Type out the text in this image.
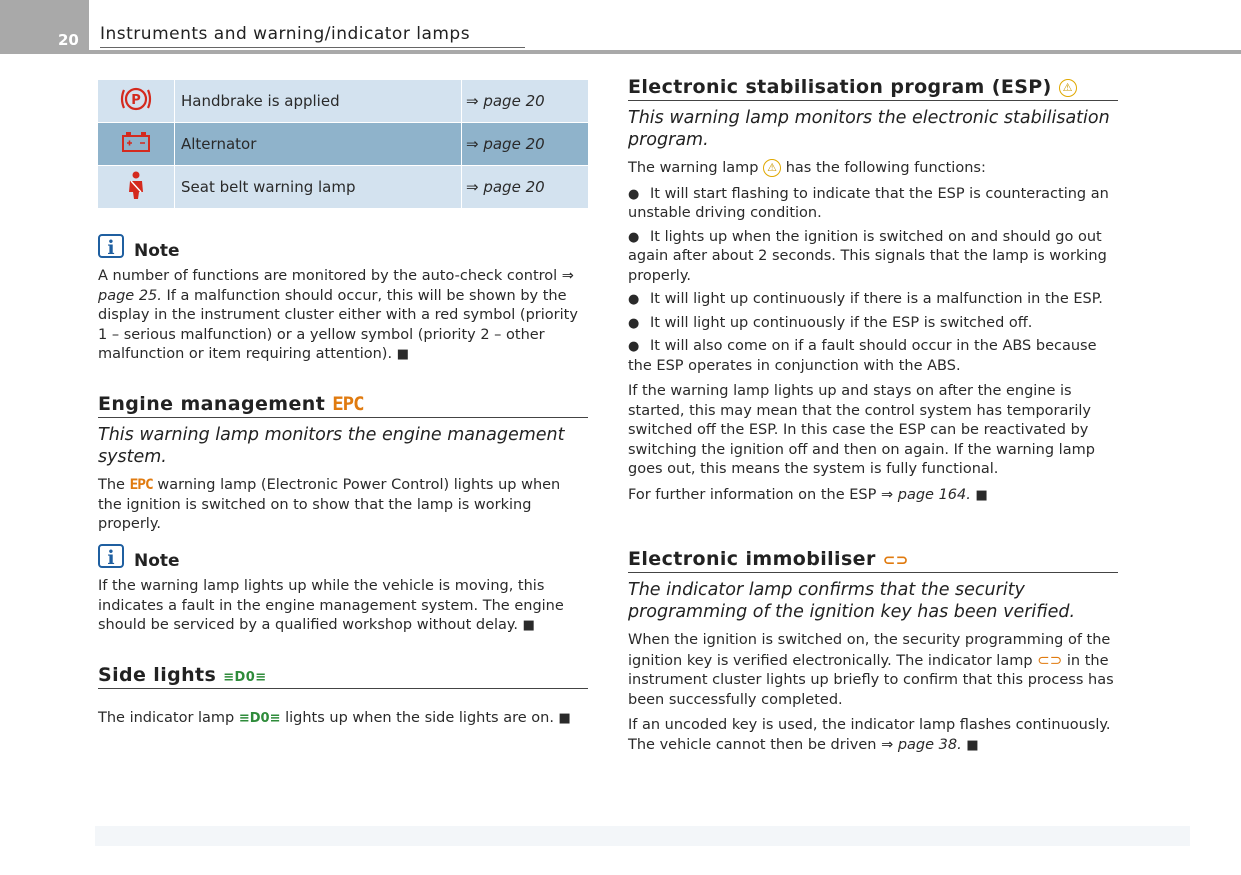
20	Instruments and warning/indicator lamps
P	Handbrake is applied	⇒ page 20
	Alternator	⇒ page 20
	Seat belt warning lamp	⇒ page 20
i	Note

A number of functions are monitored by the auto-check control ⇒ page 25. If a malfunction should occur, this will be shown by the display in the instrument cluster either with a red symbol (priority 1 – serious malfunction) or a yellow symbol (priority 2 – other malfunction or item requiring attention). ■

Engine management EPC
This warning lamp monitors the engine management system.

The EPC warning lamp (Electronic Power Control) lights up when the ignition is switched on to show that the lamp is working properly.

i	Note

If the warning lamp lights up while the vehicle is moving, this indicates a fault in the engine management system. The engine should be serviced by a qualified workshop without delay. ■

Side lights ≡D0≡

The indicator lamp ≡D0≡ lights up when the side lights are on. ■

Electronic stabilisation program (ESP) ⚠
This warning lamp monitors the electronic stabilisation program.

The warning lamp ⚠ has the following functions:

● It will start flashing to indicate that the ESP is counteracting an unstable driving condition.
● It lights up when the ignition is switched on and should go out again after about 2 seconds. This signals that the lamp is working properly.
● It will light up continuously if there is a malfunction in the ESP.
● It will light up continuously if the ESP is switched off.
● It will also come on if a fault should occur in the ABS because the ESP operates in conjunction with the ABS.

If the warning lamp lights up and stays on after the engine is started, this may mean that the control system has temporarily switched off the ESP. In this case the ESP can be reactivated by switching the ignition off and then on again. If the warning lamp goes out, this means the system is fully functional.

For further information on the ESP ⇒ page 164. ■

Electronic immobiliser ⊂⊃
The indicator lamp confirms that the security programming of the ignition key has been verified.

When the ignition is switched on, the security programming of the ignition key is verified electronically. The indicator lamp ⊂⊃ in the instrument cluster lights up briefly to confirm that this process has been successfully completed.

If an uncoded key is used, the indicator lamp flashes continuously. The vehicle cannot then be driven ⇒ page 38. ■
